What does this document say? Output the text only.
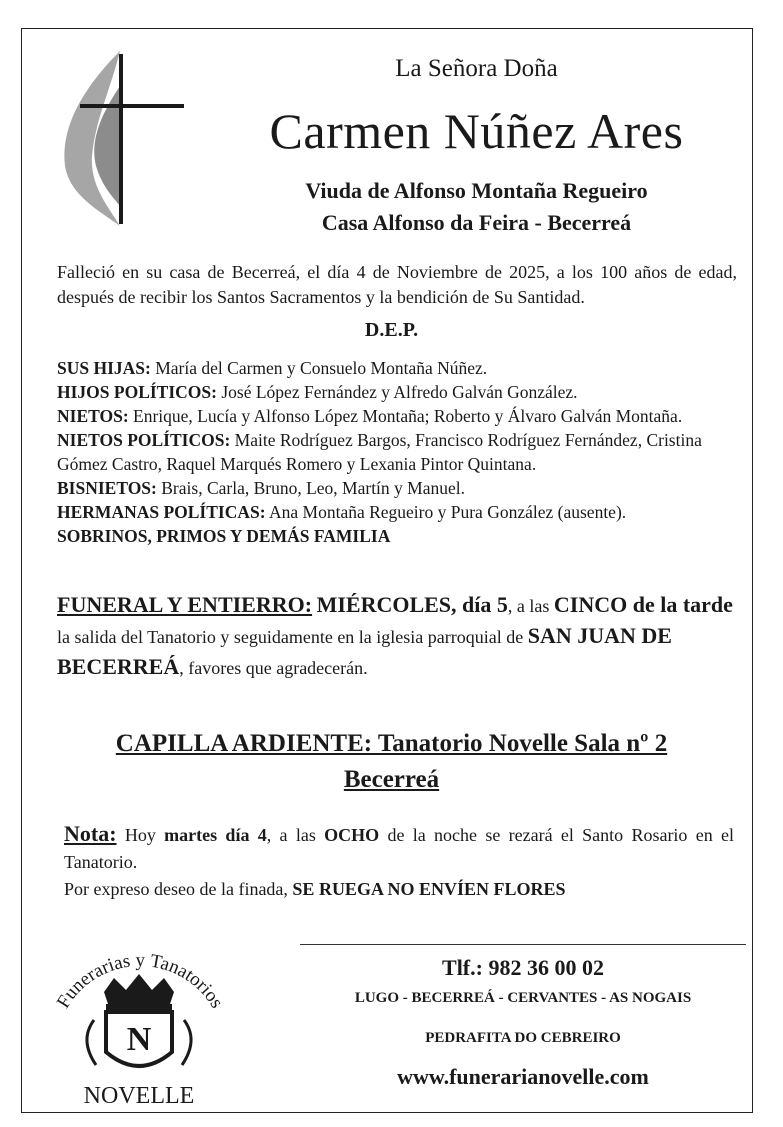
La Señora Doña
Carmen Núñez Ares
Viuda de Alfonso Montaña Regueiro
Casa Alfonso da Feira - Becerreá
Falleció en su casa de Becerreá, el día 4 de Noviembre de 2025, a los 100 años de edad, después de recibir los Santos Sacramentos y la bendición de Su Santidad.
D.E.P.

SUS HIJAS: María del Carmen y Consuelo Montaña Núñez.

HIJOS POLÍTICOS: José López Fernández y Alfredo Galván González.

NIETOS: Enrique, Lucía y Alfonso López Montaña; Roberto y Álvaro Galván Montaña.

NIETOS POLÍTICOS: Maite Rodríguez Bargos, Francisco Rodríguez Fernández, Cristina Gómez Castro, Raquel Marqués Romero y Lexania Pintor Quintana.

BISNIETOS: Brais, Carla, Bruno, Leo, Martín y Manuel.

HERMANAS POLÍTICAS: Ana Montaña Regueiro y Pura González (ausente).

SOBRINOS, PRIMOS Y DEMÁS FAMILIA

FUNERAL Y ENTIERRO: MIÉRCOLES, día 5, a las CINCO de la tarde la salida del Tanatorio y seguidamente en la iglesia parroquial de SAN JUAN DE BECERREÁ, favores que agradecerán.
CAPILLA ARDIENTE: Tanatorio Novelle Sala nº 2
Becerreá
Nota: Hoy martes día 4, a las OCHO de la noche se rezará el Santo Rosario en el Tanatorio.
Por expreso deseo de la finada, SE RUEGA NO ENVÍEN FLORES
Funerarias y Tanatorios
N
NOVELLE
Tlf.: 982 36 00 02
LUGO - BECERREÁ - CERVANTES - AS NOGAIS
PEDRAFITA DO CEBREIRO
www.funerarianovelle.com
